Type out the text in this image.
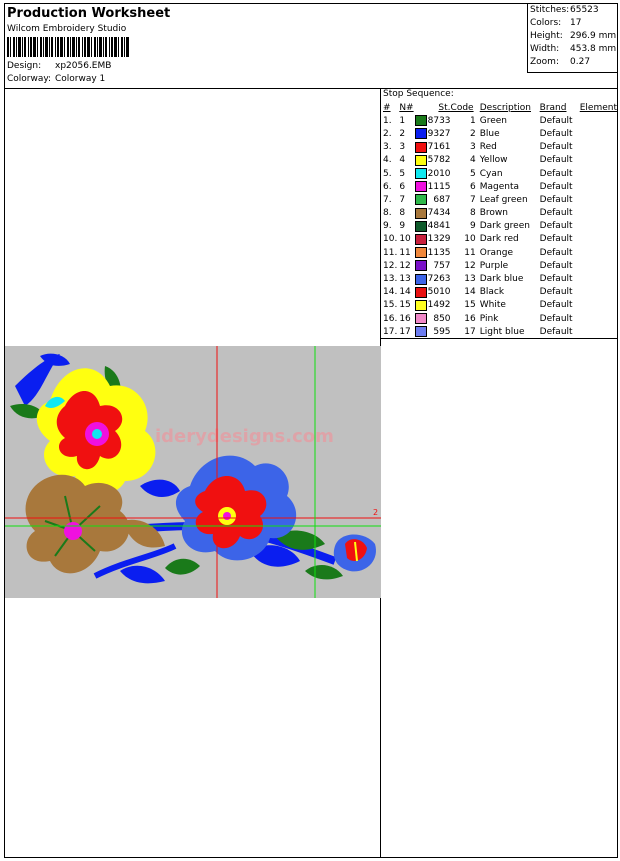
Production Worksheet
Wilcom Embroidery Studio
Design: xp2056.EMB
Colorway: Colorway 1
Stitches:65523
Colors: 17
Height: 296.9 mm
Width: 453.8 mm
Zoom: 0.27
Stop Sequence:
#	N#		St.	Code	Description	Brand	Element
1.	1		8733	1	Green	Default	
2.	2		9327	2	Blue	Default	
3.	3		7161	3	Red	Default	
4.	4		5782	4	Yellow	Default	
5.	5		2010	5	Cyan	Default	
6.	6		1115	6	Magenta	Default	
7.	7		687	7	Leaf green	Default	
8.	8		7434	8	Brown	Default	
9.	9		4841	9	Dark green	Default	
10.	10		1329	10	Dark red	Default	
11.	11		1135	11	Orange	Default	
12.	12		757	12	Purple	Default	
13.	13		7263	13	Dark blue	Default	
14.	14		5010	14	Black	Default	
15.	15		1492	15	White	Default	
16.	16		850	16	Pink	Default	
17.	17		595	17	Light blue	Default	
ideryd​esigns.com
2
